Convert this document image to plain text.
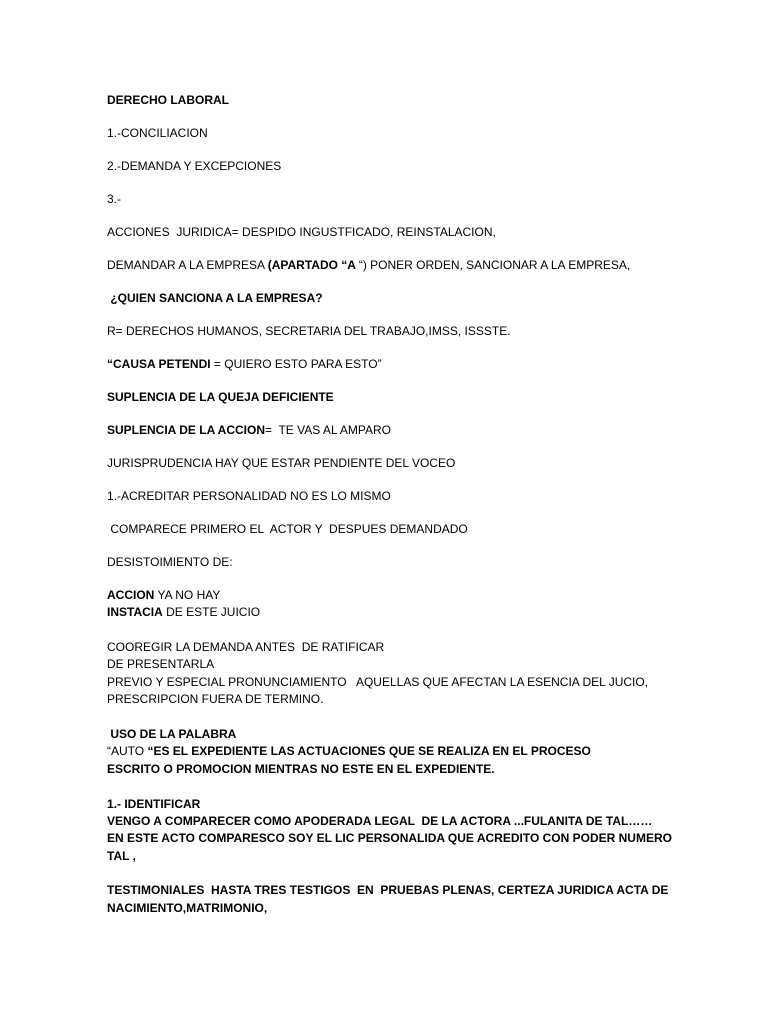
DERECHO LABORAL
1.-CONCILIACION
2.-DEMANDA Y EXCEPCIONES
3.-
ACCIONES  JURIDICA= DESPIDO INGUSTFICADO, REINSTALACION,
DEMANDAR A LA EMPRESA (APARTADO “A “) PONER ORDEN, SANCIONAR A LA EMPRESA,
¿QUIEN SANCIONA A LA EMPRESA?
R= DERECHOS HUMANOS, SECRETARIA DEL TRABAJO,IMSS, ISSSTE.
“CAUSA PETENDI = QUIERO ESTO PARA ESTO”
SUPLENCIA DE LA QUEJA DEFICIENTE
SUPLENCIA DE LA ACCION=  TE VAS AL AMPARO
JURISPRUDENCIA HAY QUE ESTAR PENDIENTE DEL VOCEO
1.-ACREDITAR PERSONALIDAD NO ES LO MISMO
COMPARECE PRIMERO EL  ACTOR Y  DESPUES DEMANDADO
DESISTOIMIENTO DE:
ACCION YA NO HAY
INSTACIA DE ESTE JUICIO
COOREGIR LA DEMANDA ANTES  DE RATIFICAR
DE PRESENTARLA
PREVIO Y ESPECIAL PRONUNCIAMIENTO   AQUELLAS QUE AFECTAN LA ESENCIA DEL JUCIO,
PRESCRIPCION FUERA DE TERMINO.
USO DE LA PALABRA
“AUTO “ES EL EXPEDIENTE LAS ACTUACIONES QUE SE REALIZA EN EL PROCESO
ESCRITO O PROMOCION MIENTRAS NO ESTE EN EL EXPEDIENTE.
1.- IDENTIFICAR
VENGO A COMPARECER COMO APODERADA LEGAL  DE LA ACTORA ...FULANITA DE TAL……
EN ESTE ACTO COMPARESCO SOY EL LIC PERSONALIDA QUE ACREDITO CON PODER NUMERO
TAL ,
TESTIMONIALES  HASTA TRES TESTIGOS  EN  PRUEBAS PLENAS, CERTEZA JURIDICA ACTA DE
NACIMIENTO,MATRIMONIO,
